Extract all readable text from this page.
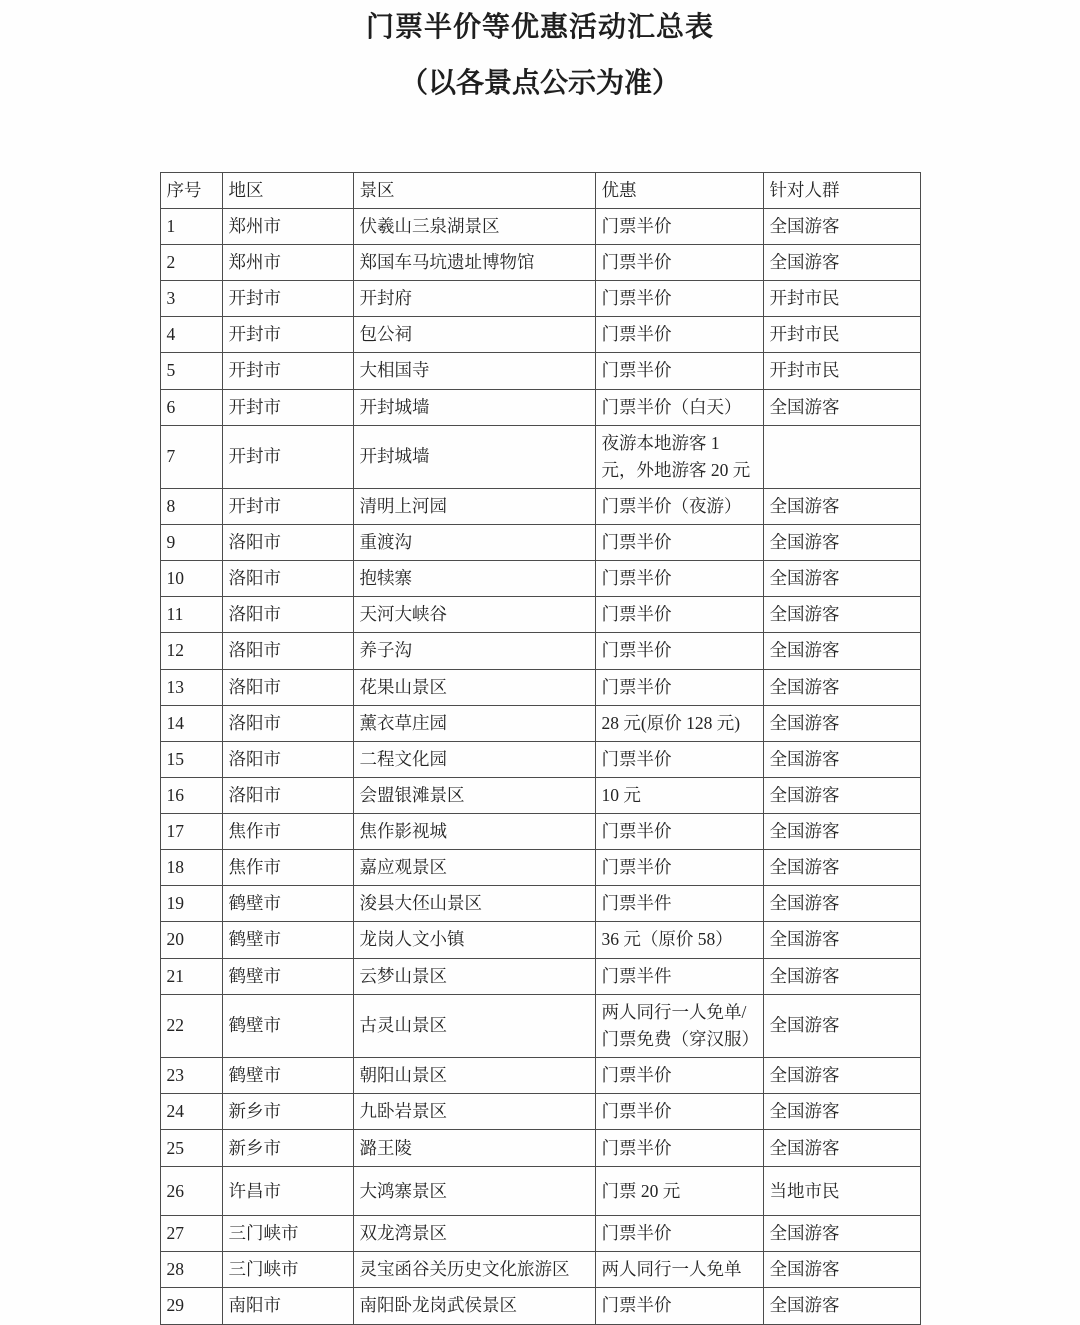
门票半价等优惠活动汇总表
（以各景点公示为准）
序号	地区	景区	优惠	针对人群
1	郑州市	伏羲山三泉湖景区	门票半价	全国游客
2	郑州市	郑国车马坑遗址博物馆	门票半价	全国游客
3	开封市	开封府	门票半价	开封市民
4	开封市	包公祠	门票半价	开封市民
5	开封市	大相国寺	门票半价	开封市民
6	开封市	开封城墙	门票半价（白天）	全国游客
7	开封市	开封城墙	夜游本地游客 1 元，外地游客 20 元	
8	开封市	清明上河园	门票半价（夜游）	全国游客
9	洛阳市	重渡沟	门票半价	全国游客
10	洛阳市	抱犊寨	门票半价	全国游客
11	洛阳市	天河大峡谷	门票半价	全国游客
12	洛阳市	养子沟	门票半价	全国游客
13	洛阳市	花果山景区	门票半价	全国游客
14	洛阳市	薰衣草庄园	28 元(原价 128 元)	全国游客
15	洛阳市	二程文化园	门票半价	全国游客
16	洛阳市	会盟银滩景区	10 元	全国游客
17	焦作市	焦作影视城	门票半价	全国游客
18	焦作市	嘉应观景区	门票半价	全国游客
19	鹤壁市	浚县大伾山景区	门票半件	全国游客
20	鹤壁市	龙岗人文小镇	36 元（原价 58）	全国游客
21	鹤壁市	云梦山景区	门票半件	全国游客
22	鹤壁市	古灵山景区	两人同行一人免单/门票免费（穿汉服）	全国游客
23	鹤壁市	朝阳山景区	门票半价	全国游客
24	新乡市	九卧岩景区	门票半价	全国游客
25	新乡市	潞王陵	门票半价	全国游客
26	许昌市	大鸿寨景区	门票 20 元	当地市民
27	三门峡市	双龙湾景区	门票半价	全国游客
28	三门峡市	灵宝函谷关历史文化旅游区	两人同行一人免单	全国游客
29	南阳市	南阳卧龙岗武侯景区	门票半价	全国游客
